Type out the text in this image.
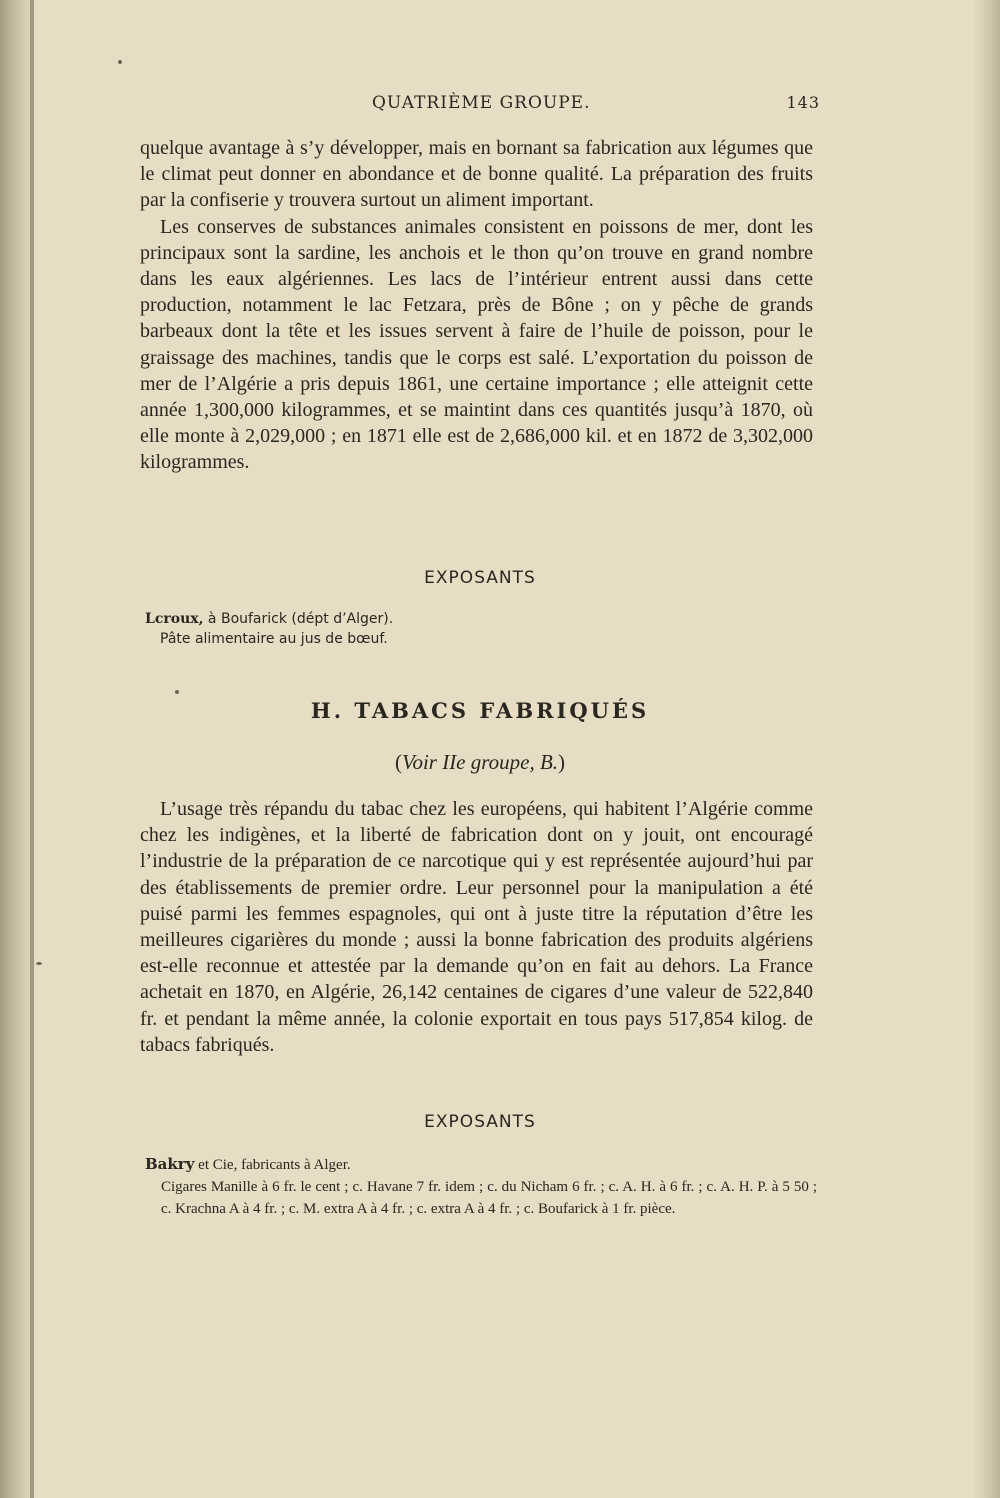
QUATRIÈME GROUPE.	143

quelque avantage à s’y développer, mais en bornant sa fabrication aux légumes que le climat peut donner en abondance et de bonne qualité. La préparation des fruits par la confiserie y trouvera surtout un aliment important.

Les conserves de substances animales consistent en poissons de mer, dont les principaux sont la sardine, les anchois et le thon qu’on trouve en grand nombre dans les eaux algériennes. Les lacs de l’intérieur entrent aussi dans cette production, notamment le lac Fetzara, près de Bône ; on y pêche de grands barbeaux dont la tête et les issues servent à faire de l’huile de poisson, pour le graissage des machines, tandis que le corps est salé. L’exportation du poisson de mer de l’Algérie a pris depuis 1861, une certaine importance ; elle atteignit cette année 1,300,000 kilogrammes, et se maintint dans ces quantités jusqu’à 1870, où elle monte à 2,029,000 ; en 1871 elle est de 2,686,000 kil. et en 1872 de 3,302,000 kilogrammes.

EXPOSANTS
Lcroux, à Boufarick (dépt d’Alger).
Pâte alimentaire au jus de bœuf.
H. TABACS FABRIQUÉS
(Voir IIe groupe, B.)

L’usage très répandu du tabac chez les européens, qui habitent l’Algérie comme chez les indigènes, et la liberté de fabrication dont on y jouit, ont encouragé l’industrie de la préparation de ce narcotique qui y est représentée aujourd’hui par des établissements de premier ordre. Leur personnel pour la manipulation a été puisé parmi les femmes espagnoles, qui ont à juste titre la réputation d’être les meilleures cigarières du monde ; aussi la bonne fabrication des produits algériens est-elle reconnue et attestée par la demande qu’on en fait au dehors. La France achetait en 1870, en Algérie, 26,142 centaines de cigares d’une valeur de 522,840 fr. et pendant la même année, la colonie exportait en tous pays 517,854 kilog. de tabacs fabriqués.

EXPOSANTS
Bakry et Cie, fabricants à Alger.
Cigares Manille à 6 fr. le cent ; c. Havane 7 fr. idem ; c. du Nicham 6 fr. ; c. A. H. à 6 fr. ; c. A. H. P. à 5 50 ; c. Krachna A à 4 fr. ; c. M. extra A à 4 fr. ; c. extra A à 4 fr. ; c. Boufarick à 1 fr. pièce.
